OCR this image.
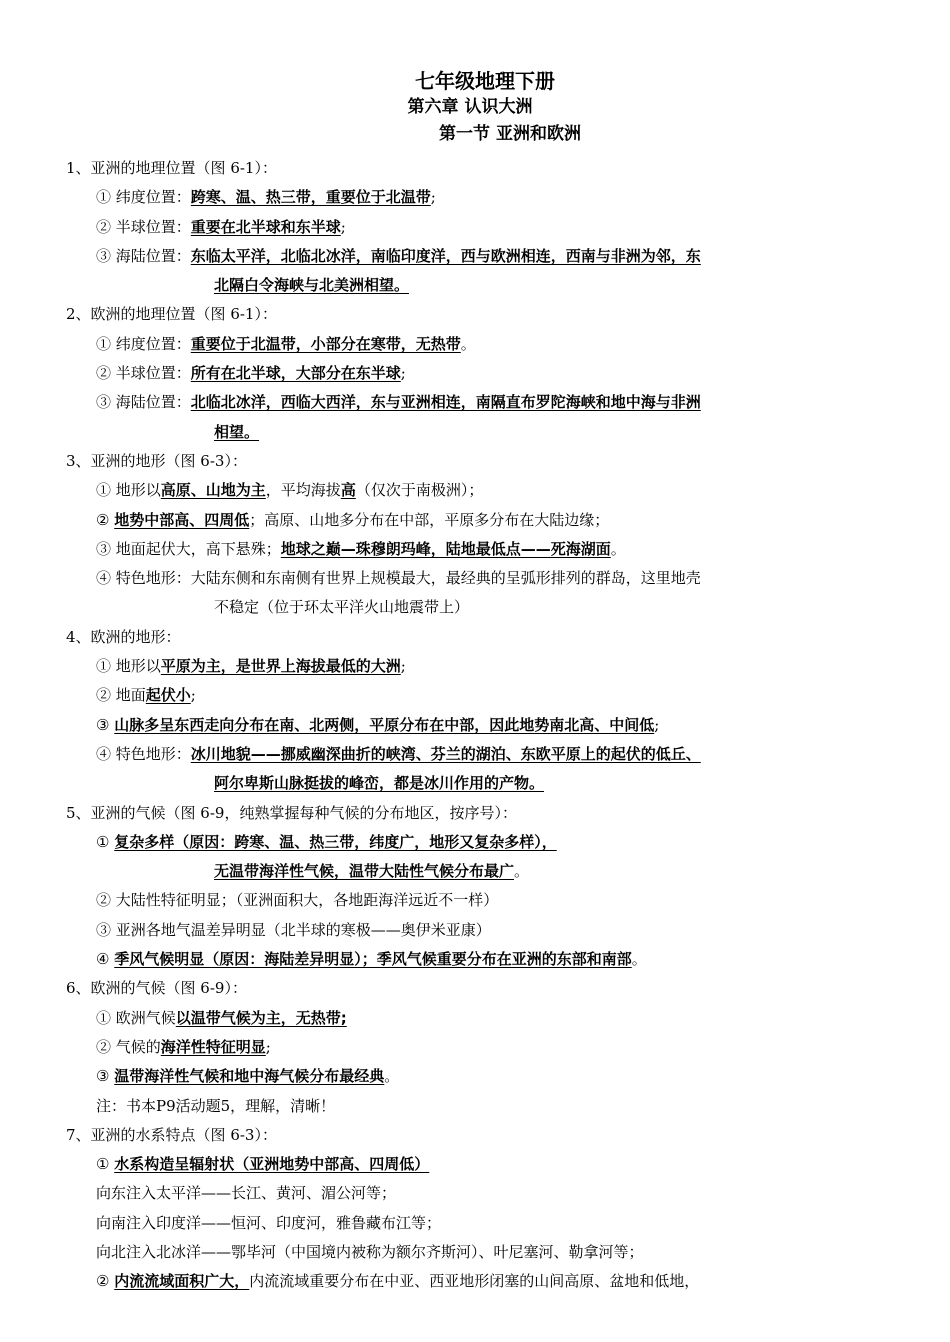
七年级地理下册
第六章 认识大洲
第一节 亚洲和欧洲
1、亚洲的地理位置（图 6-1）：
① 纬度位置：跨寒、温、热三带，重要位于北温带;
② 半球位置：重要在北半球和东半球;
③ 海陆位置：东临太平洋，北临北冰洋，南临印度洋，西与欧洲相连，西南与非洲为邻，东
北隔白令海峡与北美洲相望。
2、欧洲的地理位置（图 6-1）：
① 纬度位置：重要位于北温带，小部分在寒带，无热带。
② 半球位置：所有在北半球，大部分在东半球;
③ 海陆位置：北临北冰洋，西临大西洋，东与亚洲相连，南隔直布罗陀海峡和地中海与非洲
相望。
3、亚洲的地形（图 6-3）：
① 地形以高原、山地为主，平均海拔高（仅次于南极洲）；
② 地势中部高、四周低；高原、山地多分布在中部，平原多分布在大陆边缘；
③ 地面起伏大，高下悬殊；地球之巅—珠穆朗玛峰，陆地最低点——死海湖面。
④ 特色地形：大陆东侧和东南侧有世界上规模最大，最经典的呈弧形排列的群岛，这里地壳
不稳定（位于环太平洋火山地震带上）
4、欧洲的地形：
① 地形以平原为主，是世界上海拔最低的大洲;
② 地面起伏小;
③ 山脉多呈东西走向分布在南、北两侧，平原分布在中部，因此地势南北高、中间低;
④ 特色地形：冰川地貌——挪威幽深曲折的峡湾、芬兰的湖泊、东欧平原上的起伏的低丘、
阿尔卑斯山脉挺拔的峰峦，都是冰川作用的产物。
5、亚洲的气候（图 6-9，纯熟掌握每种气候的分布地区，按序号）：
① 复杂多样（原因：跨寒、温、热三带，纬度广，地形又复杂多样），
无温带海洋性气候，温带大陆性气候分布最广。
② 大陆性特征明显；（亚洲面积大，各地距海洋远近不一样）
③ 亚洲各地气温差异明显（北半球的寒极——奥伊米亚康）
④ 季风气候明显（原因：海陆差异明显）；季风气候重要分布在亚洲的东部和南部。
6、欧洲的气候（图 6-9）：
① 欧洲气候以温带气候为主，无热带;
② 气候的海洋性特征明显;
③ 温带海洋性气候和地中海气候分布最经典。
注：书本P9活动题5，理解，清晰！
7、亚洲的水系特点（图 6-3）：
① 水系构造呈辐射状（亚洲地势中部高、四周低）
向东注入太平洋——长江、黄河、湄公河等；
向南注入印度洋——恒河、印度河，雅鲁藏布江等；
向北注入北冰洋——鄂毕河（中国境内被称为额尔齐斯河）、叶尼塞河、勒拿河等；
② 内流流域面积广大，内流流域重要分布在中亚、西亚地形闭塞的山间高原、盆地和低地，
